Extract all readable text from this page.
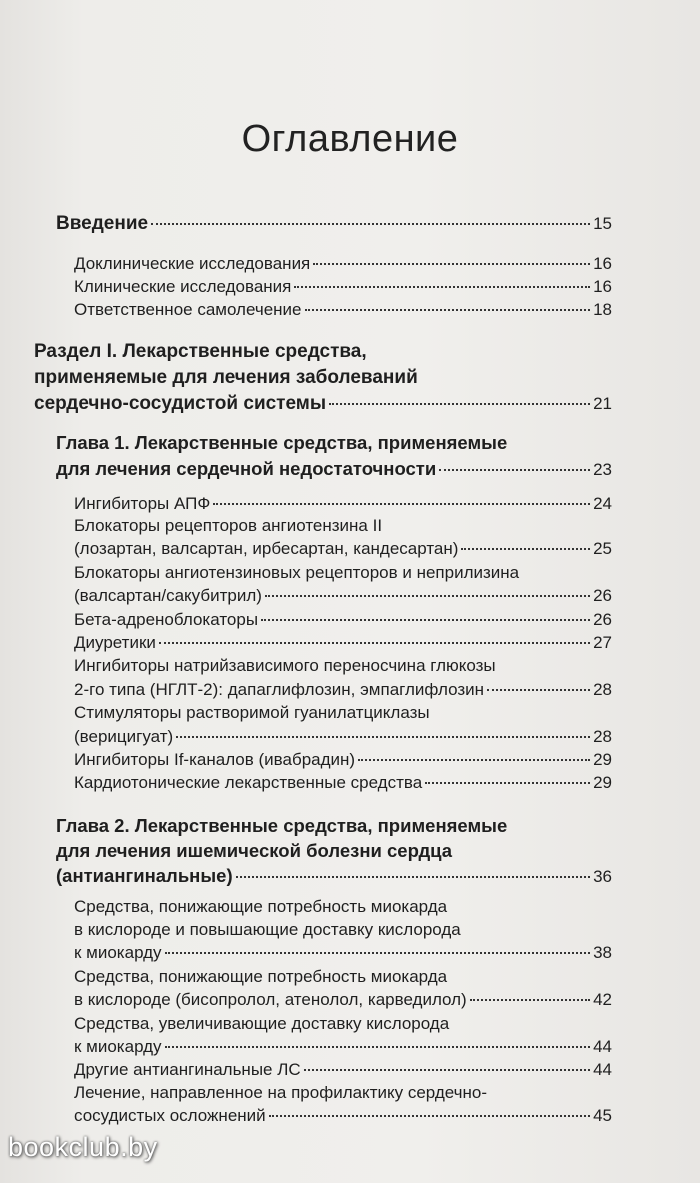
Оглавление
Введение	15
Доклинические исследования	16
Клинические исследования	16
Ответственное самолечение	18
Раздел I. Лекарственные средства,
применяемые для лечения заболеваний
сердечно-сосудистой системы	21
Глава 1. Лекарственные средства, применяемые
для лечения сердечной недостаточности	23
Ингибиторы АПФ	24
Блокаторы рецепторов ангиотензина II
(лозартан, валсартан, ирбесартан, кандесартан)	25
Блокаторы ангиотензиновых рецепторов и неприлизина
(валсартан/сакубитрил)	26
Бета-адреноблокаторы	26
Диуретики	27
Ингибиторы натрийзависимого переносчина глюкозы
2-го типа (НГЛТ-2): дапаглифлозин, эмпаглифлозин	28
Стимуляторы растворимой гуанилатциклазы
(верицигуат)	28
Ингибиторы If-каналов (ивабрадин)	29
Кардиотонические лекарственные средства	29
Глава 2. Лекарственные средства, применяемые
для лечения ишемической болезни сердца
(антиангинальные)	36
Средства, понижающие потребность миокарда
в кислороде и повышающие доставку кислорода
к миокарду	38
Средства, понижающие потребность миокарда
в кислороде (бисопролол, атенолол, карведилол)	42
Средства, увеличивающие доставку кислорода
к миокарду	44
Другие антиангинальные ЛС	44
Лечение, направленное на профилактику сердечно-
сосудистых осложнений	45
bookclub.by
